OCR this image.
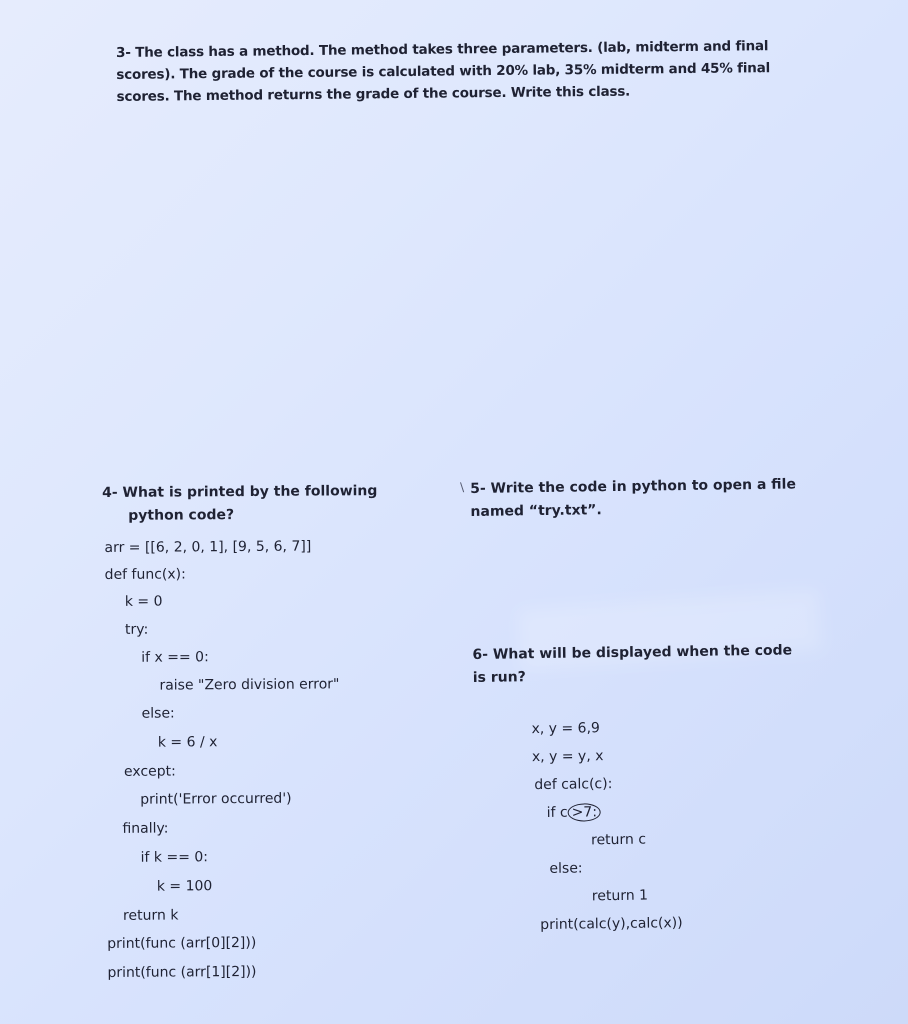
3- The class has a method. The method takes three parameters. (lab, midterm and final

scores). The grade of the course is calculated with 20% lab, 35% midterm and 45% final

scores. The method returns the grade of the course. Write this class.

4- What is printed by the following

python code?

arr = [[6, 2, 0, 1], [9, 5, 6, 7]]
def func(x):
k = 0
try:
if x == 0:
raise "Zero division error"
else:
k = 6 / x
except:
print('Error occurred')
finally:
if k == 0:
k = 100
return k
print(func (arr[0][2]))
print(func (arr[1][2]))
\ 5- Write the code in python to open a file

named “try.txt”.

6- What will be displayed when the code

is run?

x, y = 6,9
x, y = y, x
def calc(c):
if c >7:
return c
else:
return 1
print(calc(y),calc(x))
